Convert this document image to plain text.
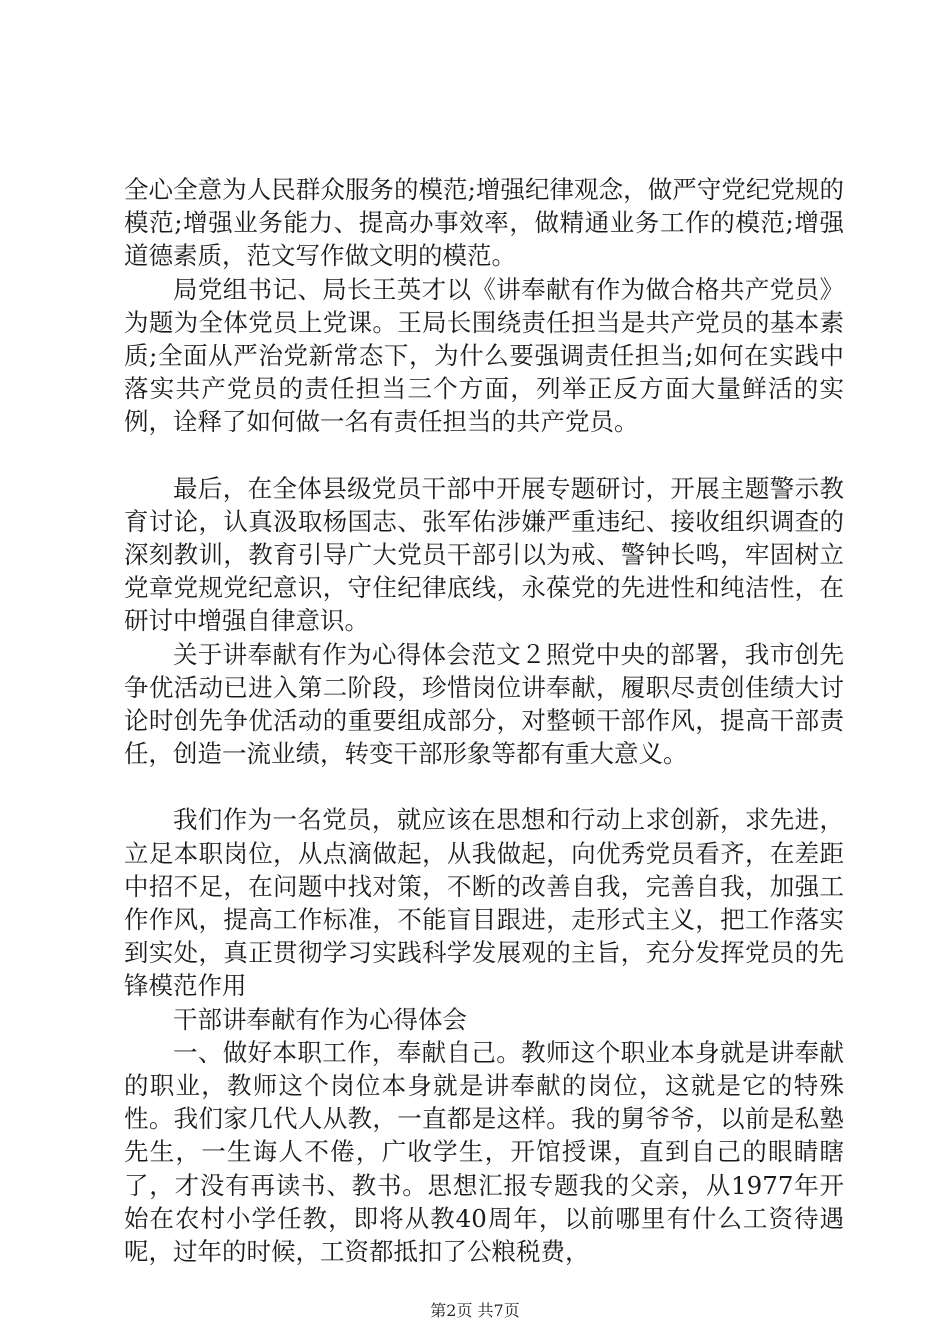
全心全意为人民群众服务的模范;增强纪律观念，做严守党纪党规的模范;增强业务能力、提高办事效率，做精通业务工作的模范;增强道德素质，范文写作做文明的模范。

局党组书记、局长王英才以《讲奉献有作为做合格共产党员》为题为全体党员上党课。王局长围绕责任担当是共产党员的基本素质;全面从严治党新常态下，为什么要强调责任担当;如何在实践中落实共产党员的责任担当三个方面，列举正反方面大量鲜活的实例，诠释了如何做一名有责任担当的共产党员。

最后，在全体县级党员干部中开展专题研讨，开展主题警示教育讨论，认真汲取杨国志、张军佑涉嫌严重违纪、接收组织调查的深刻教训，教育引导广大党员干部引以为戒、警钟长鸣，牢固树立党章党规党纪意识，守住纪律底线，永葆党的先进性和纯洁性，在研讨中增强自律意识。

关于讲奉献有作为心得体会范文２照党中央的部署，我市创先争优活动已进入第二阶段，珍惜岗位讲奉献，履职尽责创佳绩大讨论时创先争优活动的重要组成部分，对整顿干部作风，提高干部责任，创造一流业绩，转变干部形象等都有重大意义。

我们作为一名党员，就应该在思想和行动上求创新，求先进，立足本职岗位，从点滴做起，从我做起，向优秀党员看齐，在差距中招不足，在问题中找对策，不断的改善自我，完善自我，加强工作作风，提高工作标准，不能盲目跟进，走形式主义，把工作落实到实处，真正贯彻学习实践科学发展观的主旨，充分发挥党员的先锋模范作用

干部讲奉献有作为心得体会

一、做好本职工作，奉献自己。教师这个职业本身就是讲奉献的职业，教师这个岗位本身就是讲奉献的岗位，这就是它的特殊性。我们家几代人从教，一直都是这样。我的舅爷爷，以前是私塾先生，一生诲人不倦，广收学生，开馆授课，直到自己的眼睛瞎了，才没有再读书、教书。思想汇报专题我的父亲，从1977年开始在农村小学任教，即将从教40周年，以前哪里有什么工资待遇呢，过年的时候，工资都抵扣了公粮税费，

第2页 共7页
